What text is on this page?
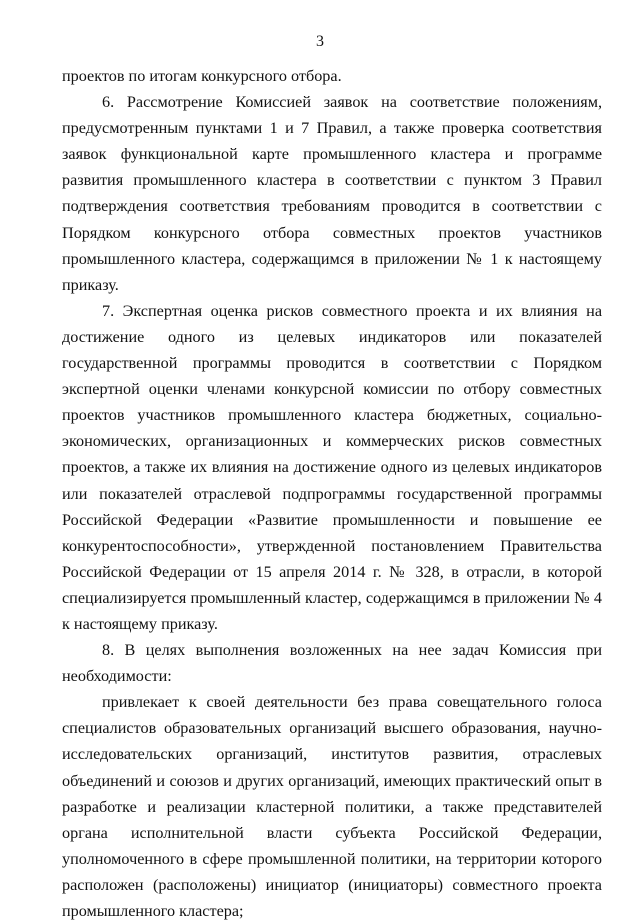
3

проектов по итогам конкурсного отбора.

6. Рассмотрение Комиссией заявок на соответствие положениям, предусмотренным пунктами 1 и 7 Правил, а также проверка соответствия заявок функциональной карте промышленного кластера и программе развития промышленного кластера в соответствии с пунктом 3 Правил подтверждения соответствия требованиям проводится в соответствии с Порядком конкурсного отбора совместных проектов участников промышленного кластера, содержащимся в приложении № 1 к настоящему приказу.

7. Экспертная оценка рисков совместного проекта и их влияния на достижение одного из целевых индикаторов или показателей государственной программы проводится в соответствии с Порядком экспертной оценки членами конкурсной комиссии по отбору совместных проектов участников промышленного кластера бюджетных, социально-экономических, организационных и коммерческих рисков совместных проектов, а также их влияния на достижение одного из целевых индикаторов или показателей отраслевой подпрограммы государственной программы Российской Федерации «Развитие промышленности и повышение ее конкурентоспособности», утвержденной постановлением Правительства Российской Федерации от 15 апреля 2014 г. № 328, в отрасли, в которой специализируется промышленный кластер, содержащимся в приложении № 4 к настоящему приказу.

8. В целях выполнения возложенных на нее задач Комиссия при необходимости:

привлекает к своей деятельности без права совещательного голоса специалистов образовательных организаций высшего образования, научно-исследовательских организаций, институтов развития, отраслевых объединений и союзов и других организаций, имеющих практический опыт в разработке и реализации кластерной политики, а также представителей органа исполнительной власти субъекта Российской Федерации, уполномоченного в сфере промышленной политики, на территории которого расположен (расположены) инициатор (инициаторы) совместного проекта промышленного кластера;
